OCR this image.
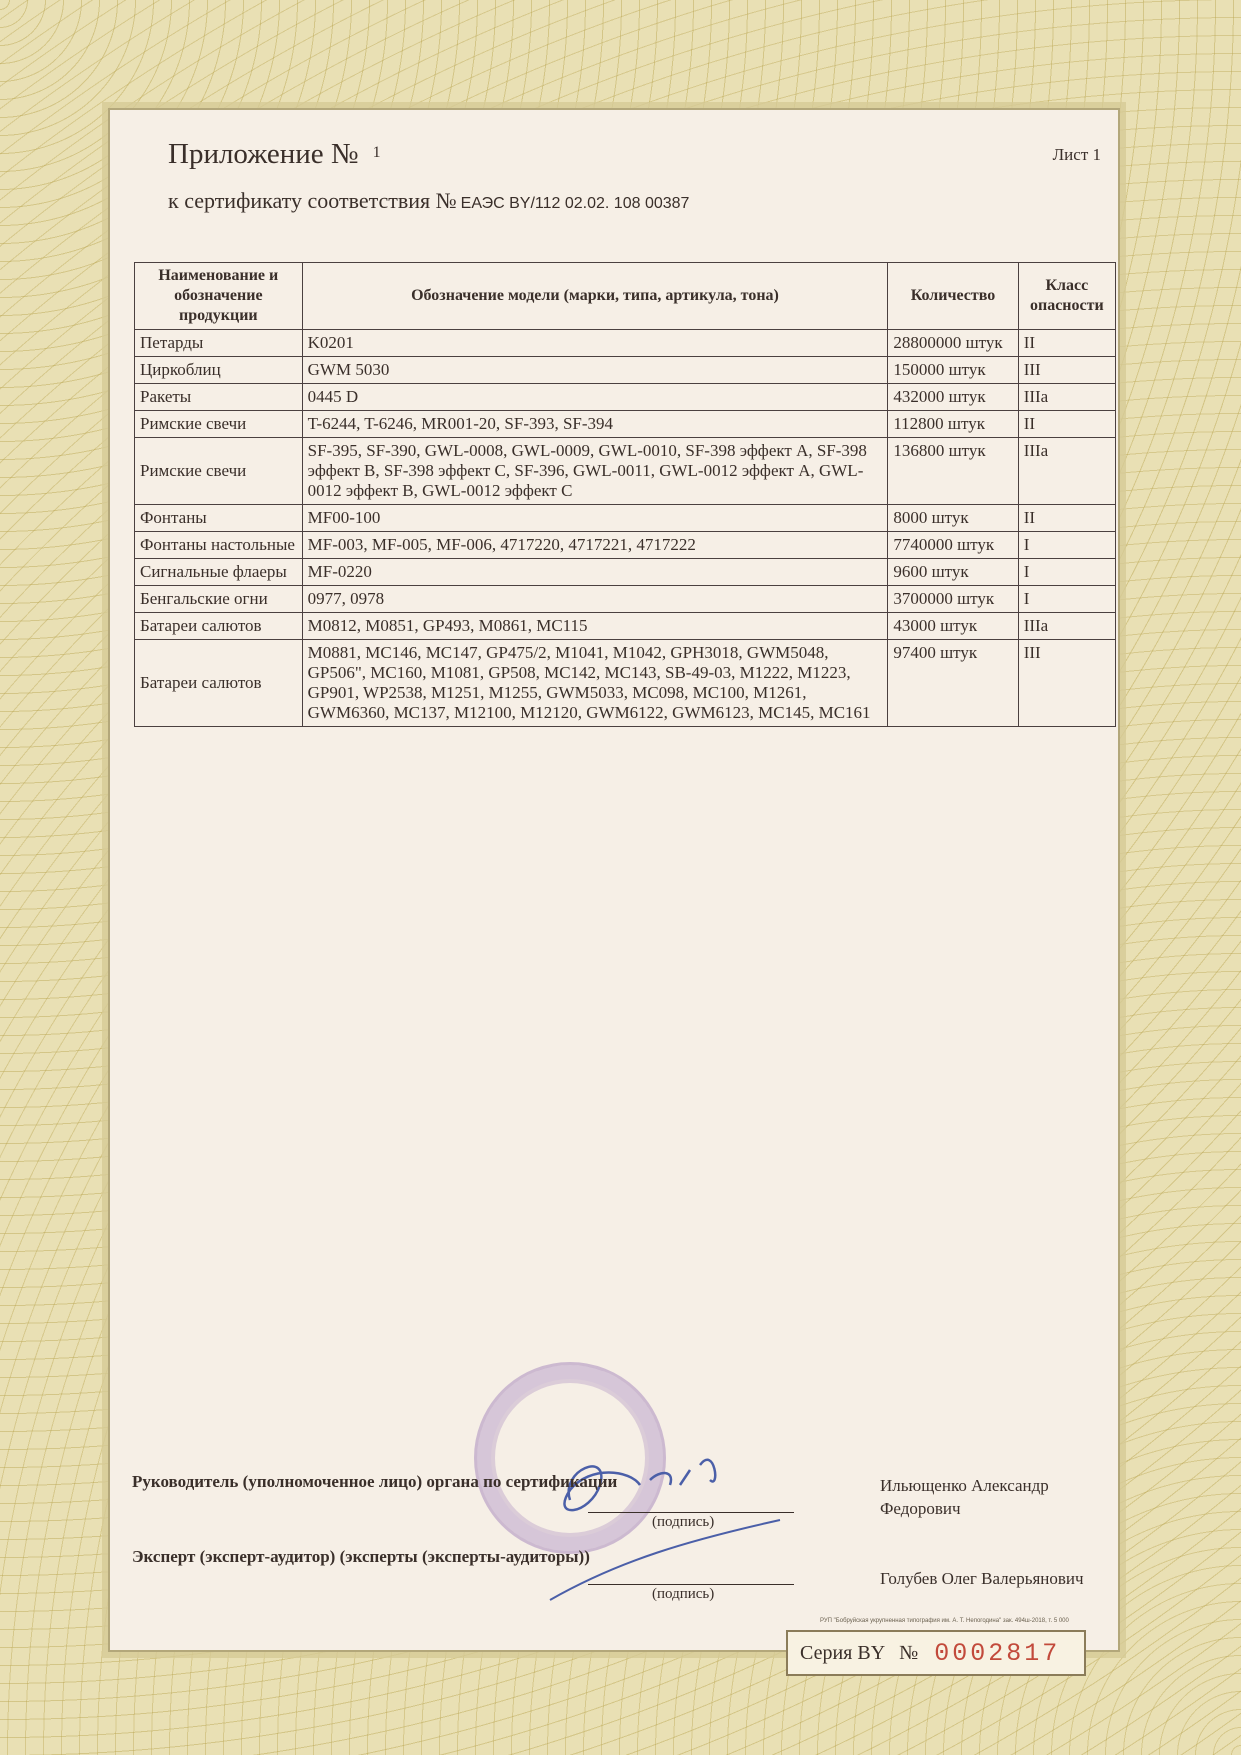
Приложение № $^1$	Лист 1
к сертификату соответствия № ЕАЭС BY/112 02.02. 108 00387
Наименование и обозначение продукции	Обозначение модели (марки, типа, артикула, тона)	Количество	Класс опасности
Петарды	K0201	28800000 штук	II
Циркоблиц	GWM 5030	150000 штук	III
Ракеты	0445 D	432000 штук	IIIa
Римские свечи	T-6244, T-6246, MR001-20, SF-393, SF-394	112800 штук	II
Римские свечи	SF-395, SF-390, GWL-0008, GWL-0009, GWL-0010, SF-398 эффект A, SF-398 эффект B, SF-398 эффект C, SF-396, GWL-0011, GWL-0012 эффект A, GWL-0012 эффект B, GWL-0012 эффект C	136800 штук	IIIa
Фонтаны	MF00-100	8000 штук	II
Фонтаны настольные	MF-003, MF-005, MF-006, 4717220, 4717221, 4717222	7740000 штук	I
Сигнальные флаеры	MF-0220	9600 штук	I
Бенгальские огни	0977, 0978	3700000 штук	I
Батареи салютов	M0812, M0851, GP493, M0861, MC115	43000 штук	IIIa
Батареи салютов	M0881, MC146, MC147, GP475/2, M1041, M1042, GPH3018, GWM5048, GP506", MC160, M1081, GP508, MC142, MC143, SB-49-03, M1222, M1223, GP901, WP2538, M1251, M1255, GWM5033, MC098, MC100, M1261, GWM6360, MC137, M12100, M12120, GWM6122, GWM6123, MC145, MC161	97400 штук	III
Руководитель (уполномоченное лицо) органа по сертификации
(подпись)
Ильющенко Александр Федорович
Эксперт (эксперт-аудитор) (эксперты (эксперты-аудиторы))
(подпись)
Голубев Олег Валерьянович
РУП "Бобруйская укрупненная типография им. А. Т. Непогодина" зак. 494ш-2018, т. 5 000
Серия BY № 0002817
